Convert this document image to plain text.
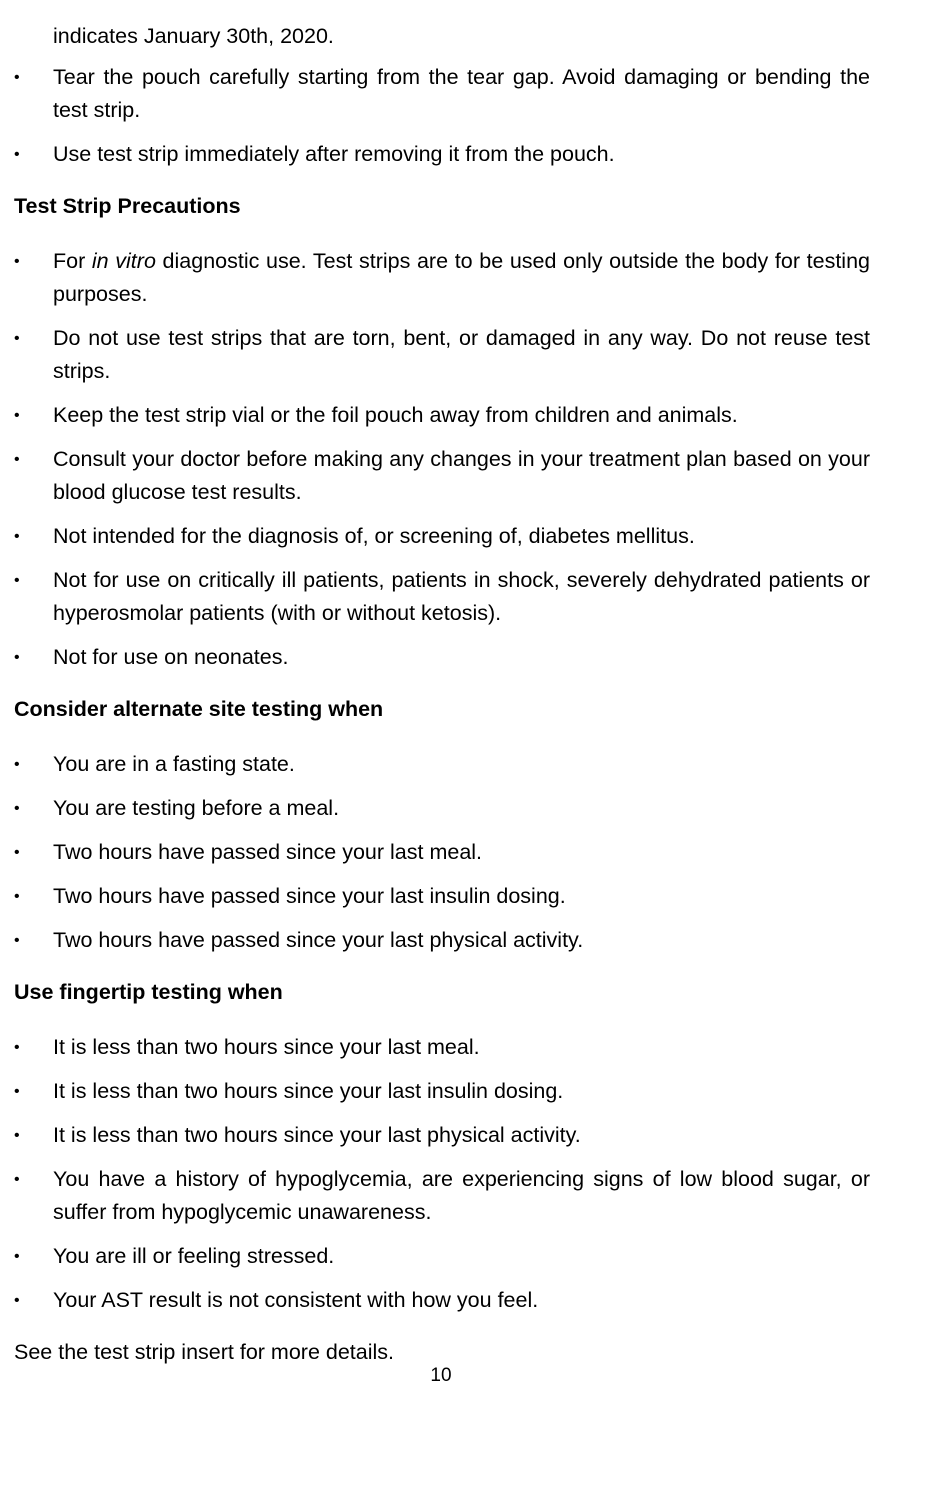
indicates January 30th, 2020.

•	Tear the pouch carefully starting from the tear gap. Avoid damaging or bending the test strip.
•	Use test strip immediately after removing it from the pouch.
Test Strip Precautions
•	For in vitro diagnostic use. Test strips are to be used only outside the body for testing purposes.
•	Do not use test strips that are torn, bent, or damaged in any way. Do not reuse test strips.
•	Keep the test strip vial or the foil pouch away from children and animals.
•	Consult your doctor before making any changes in your treatment plan based on your blood glucose test results.
•	Not intended for the diagnosis of, or screening of, diabetes mellitus.
•	Not for use on critically ill patients, patients in shock, severely dehydrated patients or hyperosmolar patients (with or without ketosis).
•	Not for use on neonates.
Consider alternate site testing when
•	You are in a fasting state.
•	You are testing before a meal.
•	Two hours have passed since your last meal.
•	Two hours have passed since your last insulin dosing.
•	Two hours have passed since your last physical activity.
Use fingertip testing when
•	It is less than two hours since your last meal.
•	It is less than two hours since your last insulin dosing.
•	It is less than two hours since your last physical activity.
•	You have a history of hypoglycemia, are experiencing signs of low blood sugar, or suffer from hypoglycemic unawareness.
•	You are ill or feeling stressed.
•	Your AST result is not consistent with how you feel.

See the test strip insert for more details.

10
